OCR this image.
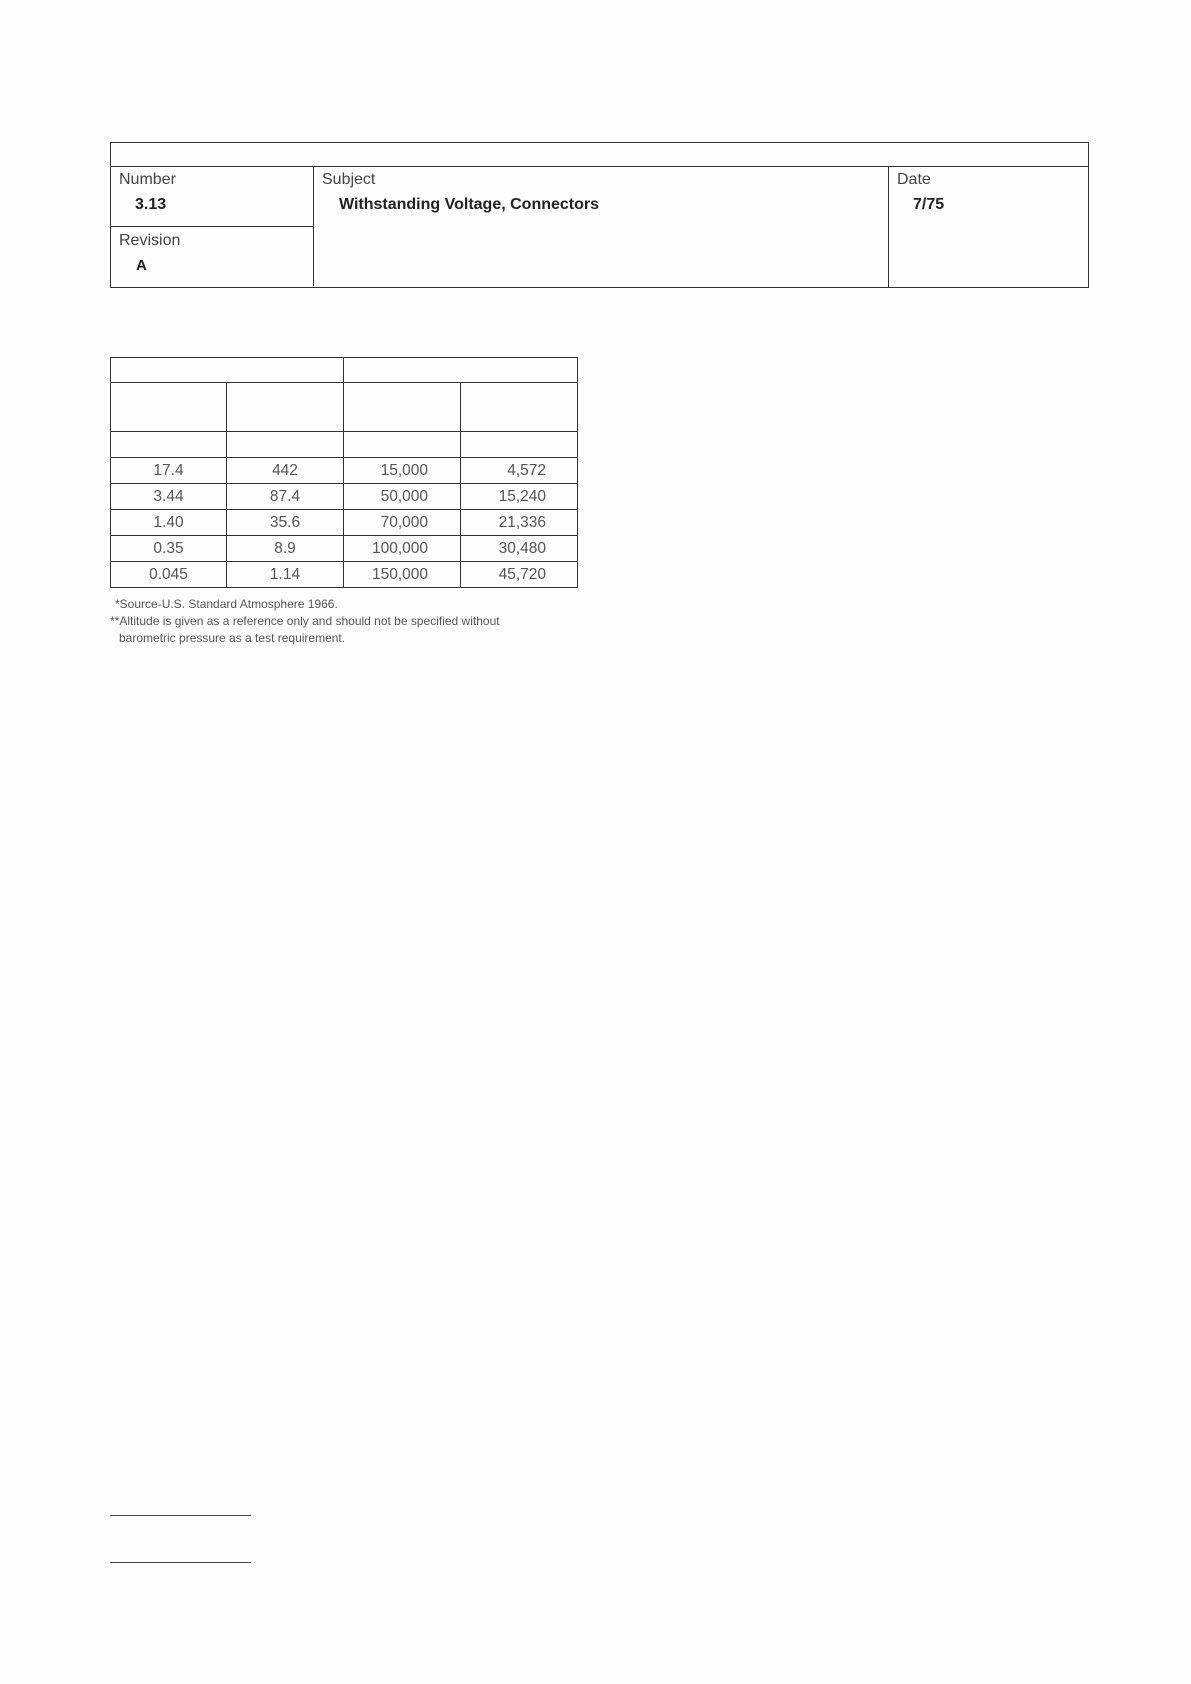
Number
3.13
Revision
A
Subject
Withstanding Voltage, Connectors
Date
7/75

17.4	442	15,000	4,572
3.44	87.4	50,000	15,240
1.40	35.6	70,000	21,336
0.35	8.9	100,000	30,480
0.045	1.14	150,000	45,720

*Source-U.S. Standard Atmosphere 1966.

**Altitude is given as a reference only and should not be specified without

barometric pressure as a test requirement.
